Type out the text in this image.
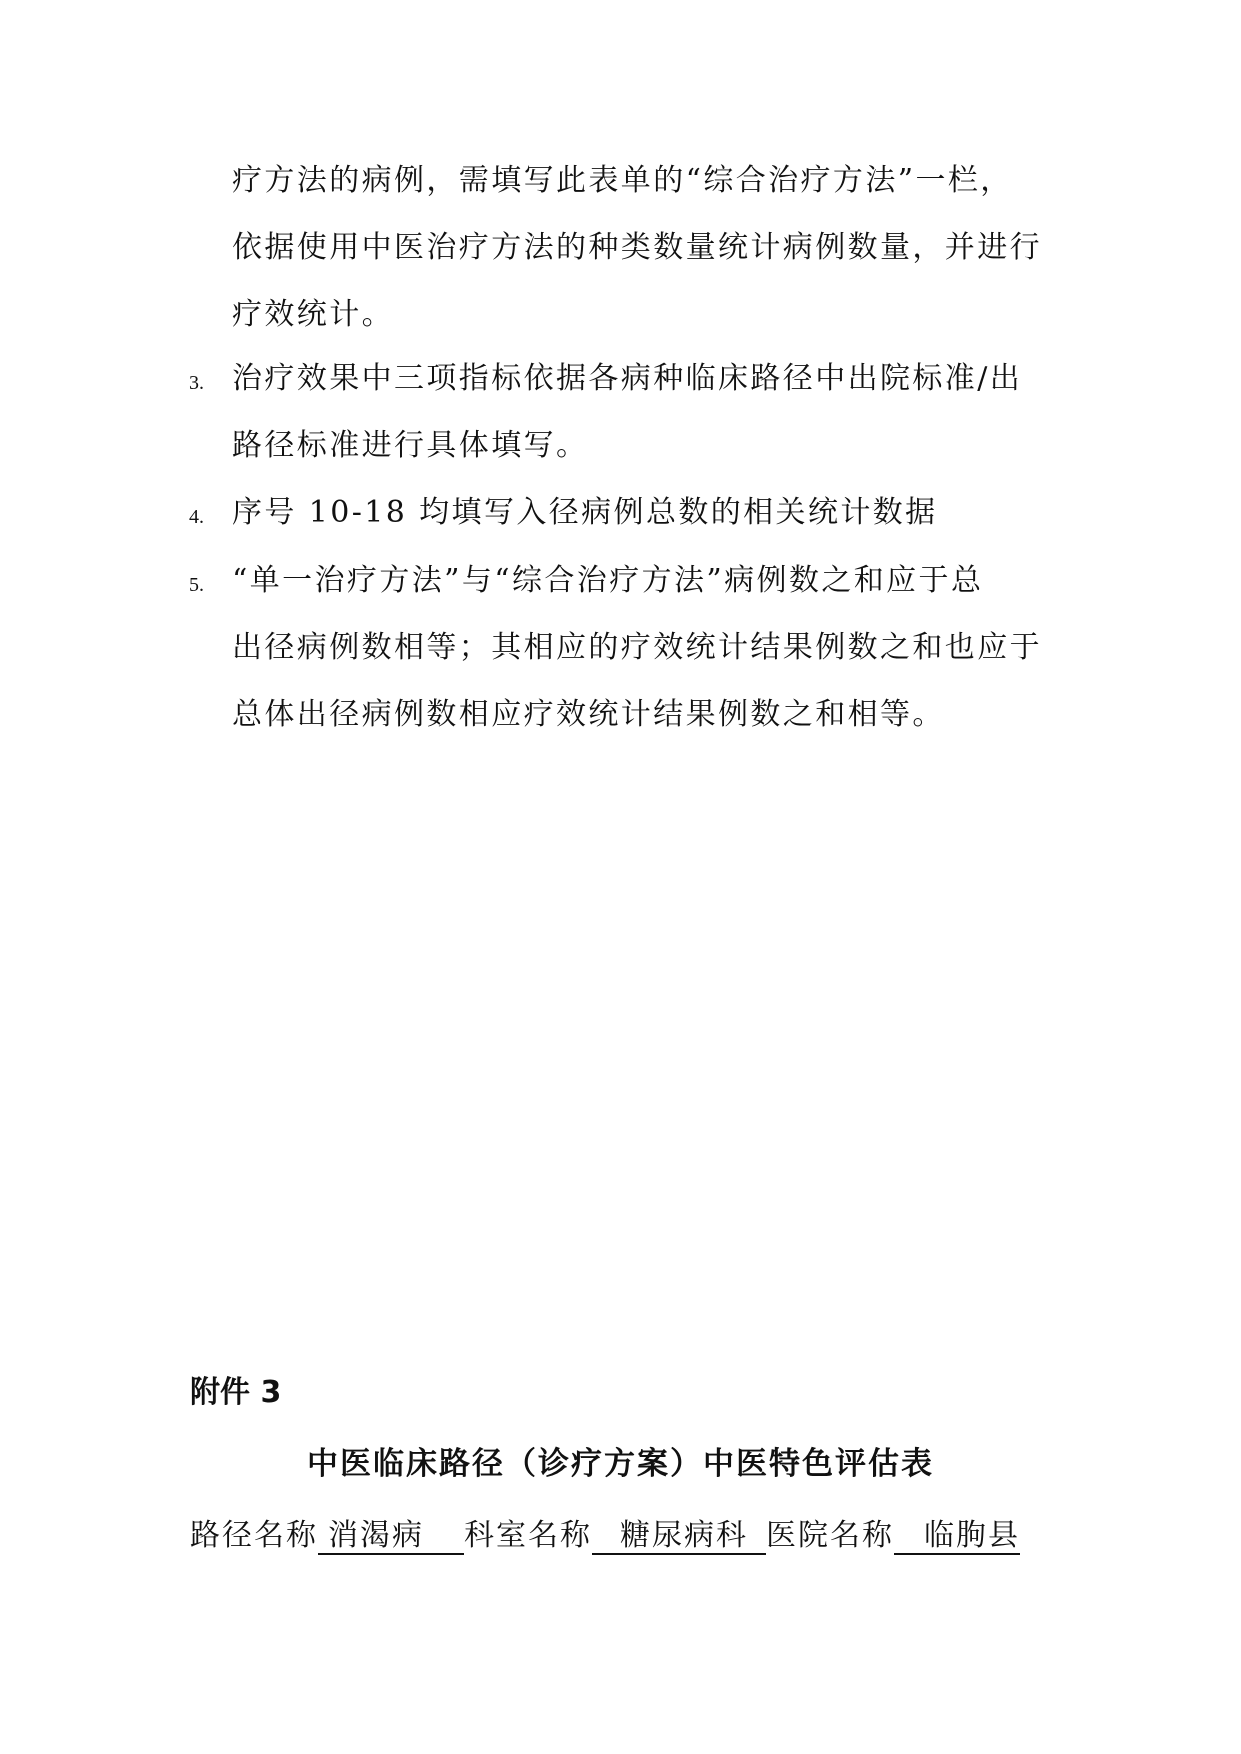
疗方法的病例，需填写此表单的“综合治疗方法”一栏，
依据使用中医治疗方法的种类数量统计病例数量，并进行
疗效统计。
3. 治疗效果中三项指标依据各病种临床路径中出院标准/出
路径标准进行具体填写。
4. 序号 10-18 均填写入径病例总数的相关统计数据
5. “单一治疗方法”与“综合治疗方法”病例数之和应于总
出径病例数相等；其相应的疗效统计结果例数之和也应于
总体出径病例数相应疗效统计结果例数之和相等。
附件 3
中医临床路径（诊疗方案）中医特色评估表
路径名称 消渴病 科室名称 糖尿病科 医院名称 临朐县
